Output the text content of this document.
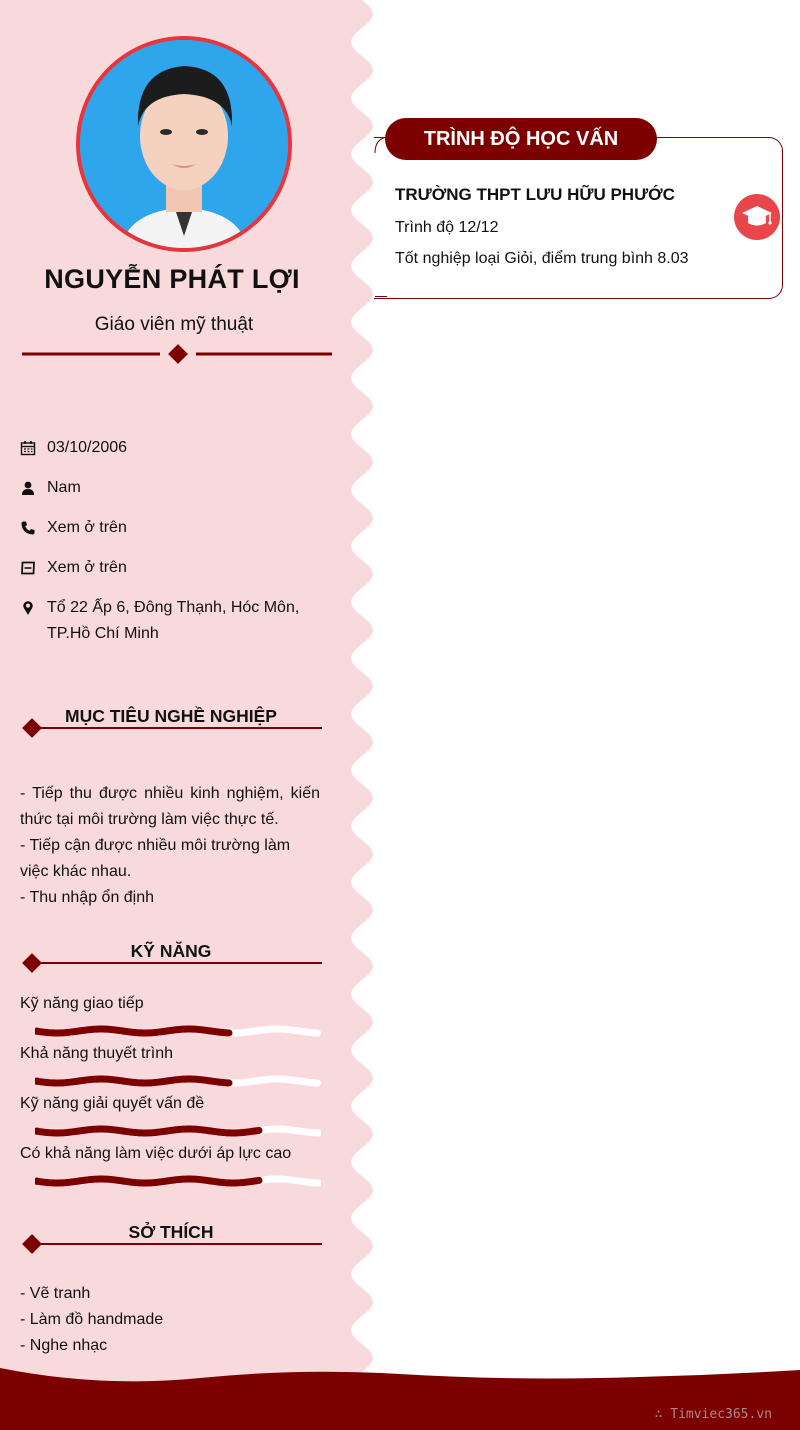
NGUYỄN PHÁT LỢI
Giáo viên mỹ thuật
03/10/2006
Nam
Xem ở trên
Xem ở trên
Tổ 22 Ấp 6, Đông Thạnh, Hóc Môn, TP.Hồ Chí Minh
MỤC TIÊU NGHỀ NGHIỆP
- Tiếp thu được nhiều kinh nghiệm, kiến thức tại môi trường làm việc thực tế.
- Tiếp cận được nhiều môi trường làm việc khác nhau.
- Thu nhập ổn định
KỸ NĂNG
Kỹ năng giao tiếp
Khả năng thuyết trình
Kỹ năng giải quyết vấn đề
Có khả năng làm việc dưới áp lực cao
SỞ THÍCH
- Vẽ tranh
- Làm đồ handmade
- Nghe nhạc
TRÌNH ĐỘ HỌC VẤN
TRƯỜNG THPT LƯU HỮU PHƯỚC
Trình độ 12/12
Tốt nghiệp loại Giỏi, điểm trung bình 8.03
∴ Timviec365.vn
